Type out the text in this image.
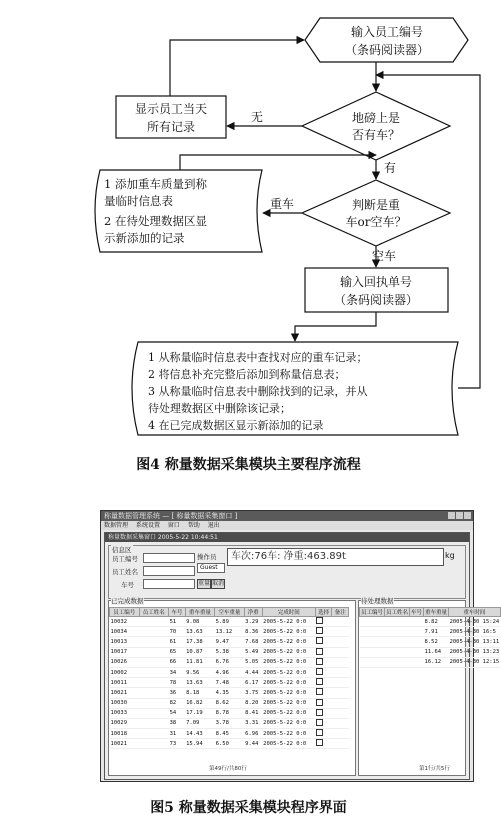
输入员工编号
（条码阅读器）
显示员工当天
所有记录
地磅上是
否有车？
判断是重
车or空车？
输入回执单号
（条码阅读器）
无
有
重车
空车
1 添加重车质量到称
量临时信息表
2 在待处理数据区显
示新添加的记录
1 从称量临时信息表中查找对应的重车记录；
2 将信息补充完整后添加到称量信息表；
3 从称量临时信息表中删除找到的记录，并从
待处理数据区中删除该记录；
4 在已完成数据区显示新添加的记录
图4 称量数据采集模块主要程序流程
称量数据管理系统 — [ 称量数据采集窗口 ]
数据管理 系统设置 窗口 帮助 退出
称量数据采集窗口 2005-5-22 10:44:51
信息区
员工编号
员工姓名
车号
操作员
Guest
重量 取消
车次:76车: 净重:463.89t	kg
员工编号	员工姓名	车号	重车重量	空车重量	净重	完成时间	选择	备注
10032		51	9.08	5.89	3.29	2005-5-22 0:0		
10034		70	13.63	13.12	8.36	2005-5-22 0:0		
10013		61	17.38	9.47	7.68	2005-5-22 0:0		
10017		65	10.87	5.38	5.49	2005-5-22 0:0		
10026		66	11.81	6.76	5.05	2005-5-22 0:0		
10002		34	9.56	4.96	4.44	2005-5-22 0:0		
10011		78	13.63	7.48	6.17	2005-5-22 0:0		
10021		36	8.18	4.35	3.75	2005-5-22 0:0		
10030		82	16.82	8.62	8.20	2005-5-22 0:0		
10033		54	17.19	8.78	8.41	2005-5-22 0:0		
10029		38	7.09	3.78	3.31	2005-5-22 0:0		
10018		31	14.43	8.45	6.96	2005-5-22 0:0		
10021		73	15.94	6.50	9.44	2005-5-22 0:0		
第49行/共80行
已完成数据
员工编号	员工姓名	车号	重车重量	重车时间
			8.82	2005-4-30 15:24
			7.91	2005-4-30 16:5
			8.52	2005-4-30 13:11
			11.64	2005-4-30 13:23
			16.12	2005-4-30 12:15
第1行/共5行
待处理数据
图5 称量数据采集模块程序界面
